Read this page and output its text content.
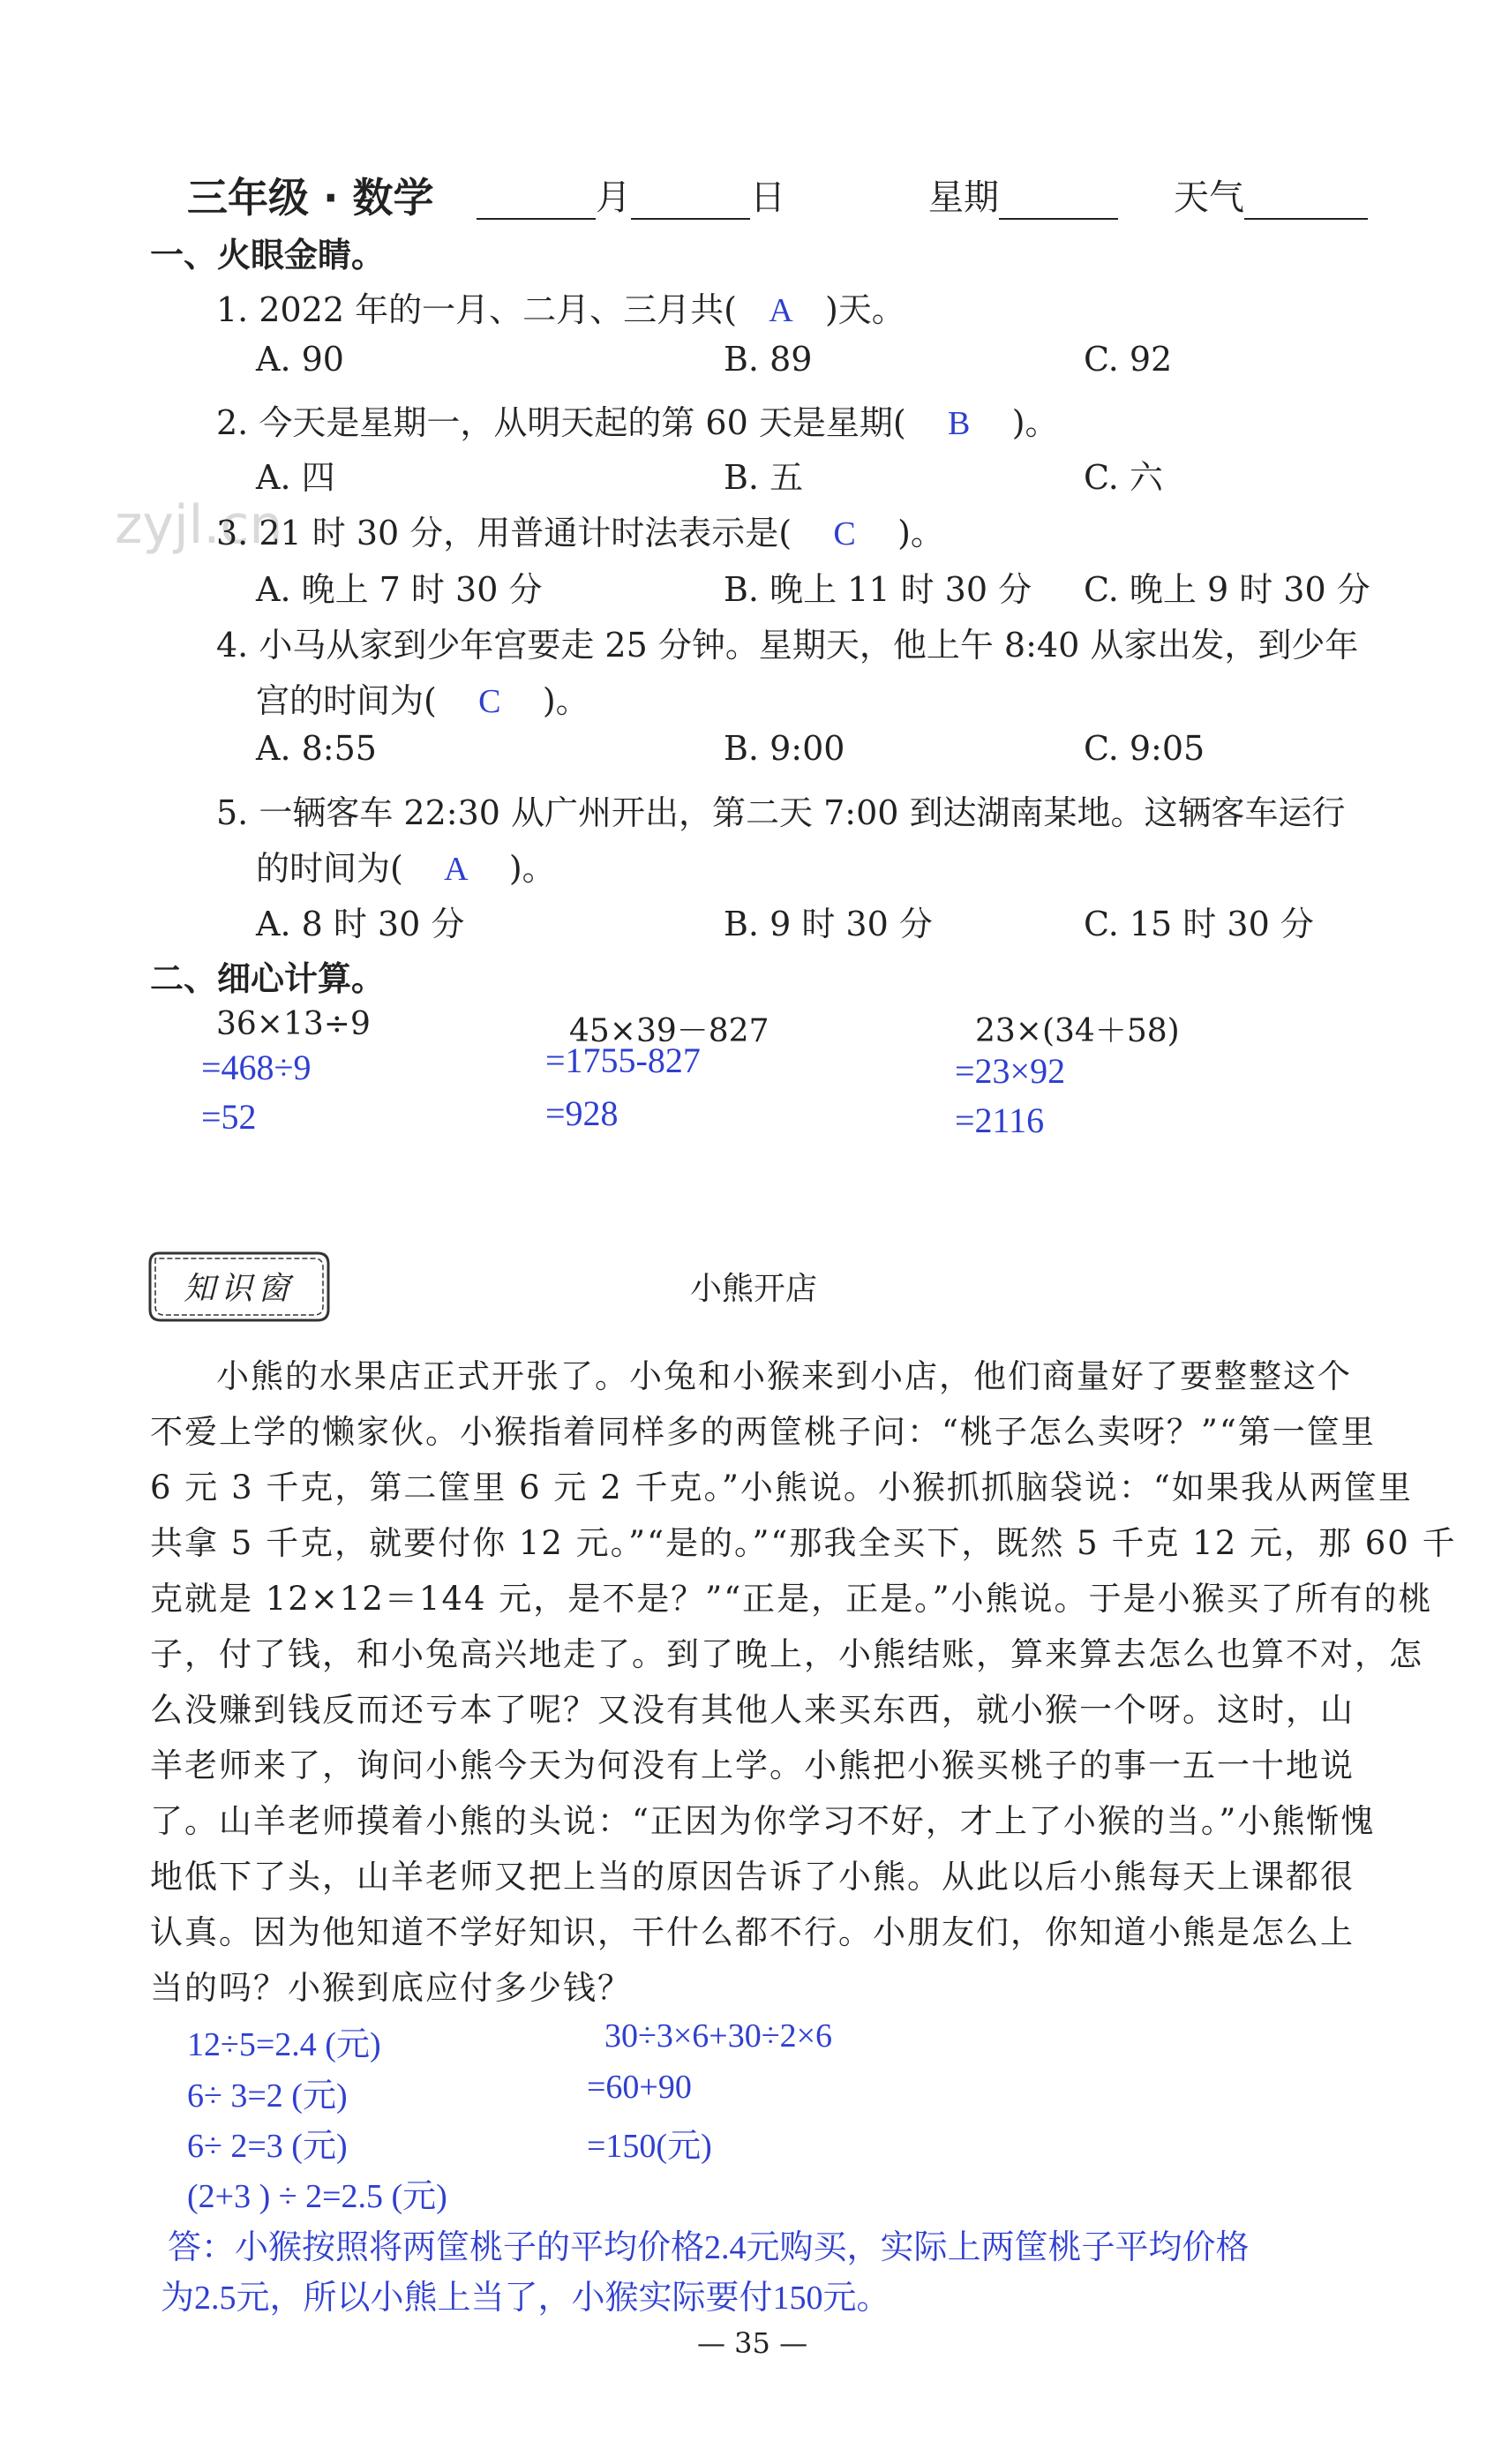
三年级 · 数学	月	日	星期	天气
zyjl.cn
一、火眼金睛。
1. 2022 年的一月、二月、三月共( A )天。
A. 90	B. 89	C. 92
2. 今天是星期一，从明天起的第 60 天是星期( B )。
A. 四	B. 五	C. 六
3. 21 时 30 分，用普通计时法表示是( C )。
A. 晚上 7 时 30 分	B. 晚上 11 时 30 分 C. 晚上 9 时 30 分
4. 小马从家到少年宫要走 25 分钟。星期天，他上午 8:40 从家出发，到少年
宫的时间为( C )。
A. 8:55	B. 9:00	C. 9:05
5. 一辆客车 22:30 从广州开出，第二天 7:00 到达湖南某地。这辆客车运行
的时间为( A )。
A. 8 时 30 分	B. 9 时 30 分	C. 15 时 30 分
二、细心计算。
36×13÷9
=468÷9
=52
45×39－827
=1755-827
=928
23×(34＋58)
=23×92
=2116
知识窗	小熊开店
小熊的水果店正式开张了。小兔和小猴来到小店，他们商量好了要整整这个
不爱上学的懒家伙。小猴指着同样多的两筐桃子问：“桃子怎么卖呀？”“第一筐里
6 元 3 千克，第二筐里 6 元 2 千克。”小熊说。小猴抓抓脑袋说：“如果我从两筐里
共拿 5 千克，就要付你 12 元。”“是的。”“那我全买下，既然 5 千克 12 元，那 60 千
克就是 12×12＝144 元，是不是？”“正是，正是。”小熊说。于是小猴买了所有的桃
子，付了钱，和小兔高兴地走了。到了晚上，小熊结账，算来算去怎么也算不对，怎
么没赚到钱反而还亏本了呢？又没有其他人来买东西，就小猴一个呀。这时，山
羊老师来了，询问小熊今天为何没有上学。小熊把小猴买桃子的事一五一十地说
了。山羊老师摸着小熊的头说：“正因为你学习不好，才上了小猴的当。”小熊惭愧
地低下了头，山羊老师又把上当的原因告诉了小熊。从此以后小熊每天上课都很
认真。因为他知道不学好知识，干什么都不行。小朋友们，你知道小熊是怎么上
当的吗？小猴到底应付多少钱？
12÷5=2.4 (元)
6÷ 3=2 (元)
6÷ 2=3 (元)
(2+3 ) ÷ 2=2.5 (元)
30÷3×6+30÷2×6
=60+90
=150(元)
答：小猴按照将两筐桃子的平均价格2.4元购买，实际上两筐桃子平均价格
为2.5元，所以小熊上当了，小猴实际要付150元。
— 35 —
